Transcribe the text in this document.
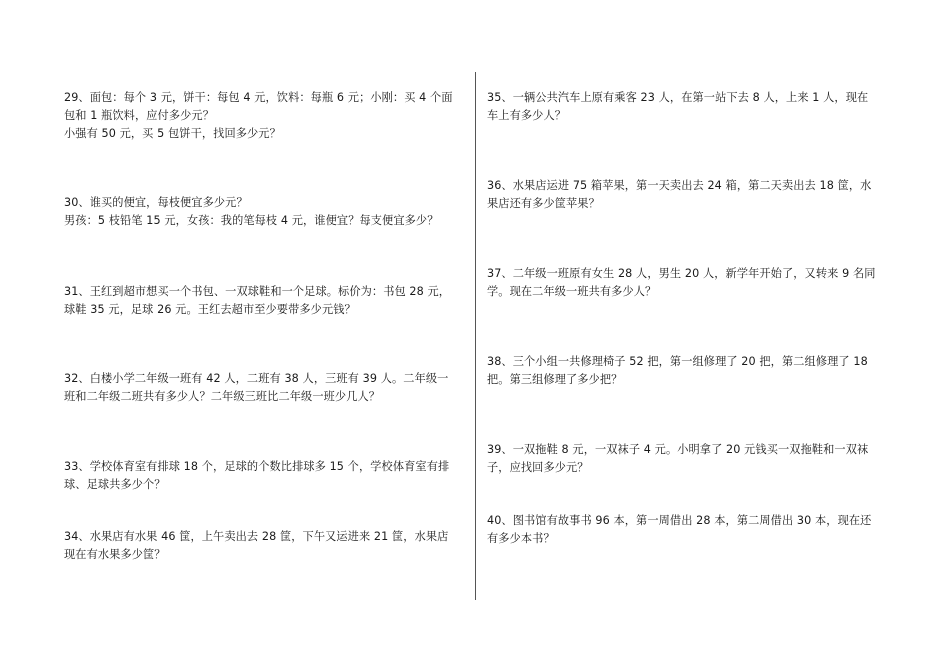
29、面包：每个 3 元，饼干：每包 4 元，饮料：每瓶 6 元；小刚：买 4 个面

包和 1 瓶饮料，应付多少元？

小强有 50 元，买 5 包饼干，找回多少元？

30、谁买的便宜，每枝便宜多少元？

男孩：5 枝铅笔 15 元，女孩：我的笔每枝 4 元，谁便宜？每支便宜多少？

31、王红到超市想买一个书包、一双球鞋和一个足球。标价为：书包 28 元，

球鞋 35 元，足球 26 元。王红去超市至少要带多少元钱？

32、白楼小学二年级一班有 42 人，二班有 38 人，三班有 39 人。二年级一

班和二年级二班共有多少人？二年级三班比二年级一班少几人？

33、学校体育室有排球 18 个，足球的个数比排球多 15 个，学校体育室有排

球、足球共多少个？

34、水果店有水果 46 筐，上午卖出去 28 筐，下午又运进来 21 筐，水果店

现在有水果多少筐？

35、一辆公共汽车上原有乘客 23 人，在第一站下去 8 人，上来 1 人，现在

车上有多少人？

36、水果店运进 75 箱苹果，第一天卖出去 24 箱，第二天卖出去 18 筐，水

果店还有多少筐苹果？

37、二年级一班原有女生 28 人，男生 20 人，新学年开始了，又转来 9 名同

学。现在二年级一班共有多少人？

38、三个小组一共修理椅子 52 把，第一组修理了 20 把，第二组修理了 18

把。第三组修理了多少把？

39、一双拖鞋 8 元，一双袜子 4 元。小明拿了 20 元钱买一双拖鞋和一双袜

子，应找回多少元？

40、图书馆有故事书 96 本，第一周借出 28 本，第二周借出 30 本，现在还

有多少本书？
